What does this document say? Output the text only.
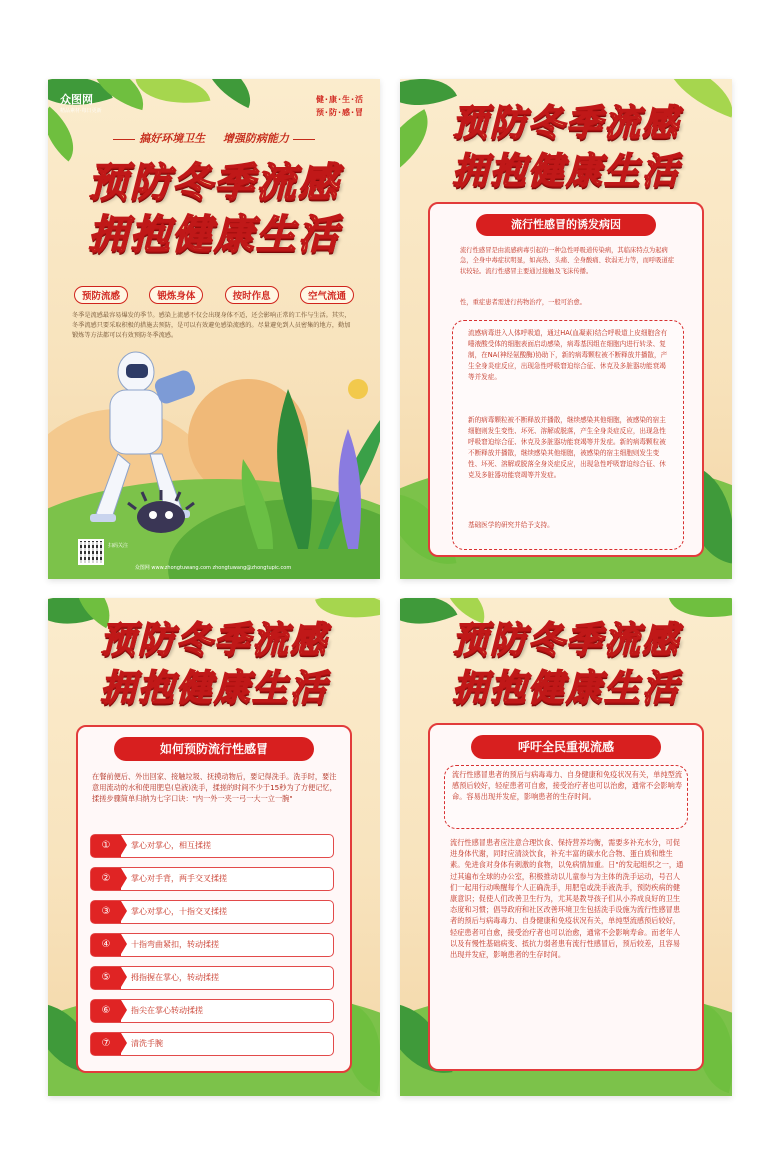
众图网
精品素材·每日更新
健·康·生·活
预·防·感·冒
搞好环境卫生 增强防病能力
预防冬季流感
拥抱健康生活
预防流感	锻炼身体	按时作息	空气流通
冬季是流感最容易爆发的季节。感染上流感不仅会出现身体不适，还会影响正常的工作与生活。其实，冬季流感只要采取积极的措施去预防，是可以有效避免感染流感的。尽量避免到人员密集的地方，勤加锻炼等方法都可以有效预防冬季流感。
扫码关注
众图网 www.zhongtuwang.com zhongtuwang@zhongtupic.com
预防冬季流感
拥抱健康生活
流行性感冒的诱发病因
流行性感冒是由流感病毒引起的一种急性呼吸道传染病，其临床特点为起病急，全身中毒症状明显，如高热、头痛、全身酸痛、软弱无力等，而呼吸道症状较轻。流行性感冒主要通过接触及飞沫传播。
性，重症患者需进行药物治疗，一般可治愈。
流感病毒进入人体呼吸道，通过HA(血凝素)结合呼吸道上皮细胞含有唾液酸受体的细胞表面启动感染，病毒基因组在细胞内进行转录、复制，在NA(神经氨酸酶)协助下，新的病毒颗粒被不断释放并播散，产生全身炎症反应，出现急性呼吸窘迫综合征、休克及多脏器功能衰竭等并发症。
新的病毒颗粒被不断释放并播散，继续感染其他细胞，被感染的宿主细胞则发生变性、坏死、溶解或脱落，产生全身炎症反应，出现急性呼吸窘迫综合征、休克及多脏器功能衰竭等并发症。新的病毒颗粒被不断释放并播散，继续感染其他细胞，被感染的宿主细胞则发生变性、坏死、溶解或脱落全身炎症反应，出现急性呼吸窘迫综合征、休克及多脏器功能衰竭等并发症。
基础医学的研究并给予支持。
预防冬季流感
拥抱健康生活
如何预防流行性感冒
在餐前便后、外出回家、接触垃圾、抚摸动物后，要记得洗手。洗手时，要注意用流动的水和使用肥皂(皂液)洗手，揉搓的时间不少于15秒为了方便记忆，揉搓步骤简单归纳为七字口诀："内一外一夹一弓一大一立一腕"
①	掌心对掌心，相互揉搓
②	掌心对手背，两手交叉揉搓
③	掌心对掌心，十指交叉揉搓
④	十指弯曲紧扣，转动揉搓
⑤	拇指握在掌心，转动揉搓
⑥	指尖在掌心转动揉搓
⑦	清洗手腕
预防冬季流感
拥抱健康生活
呼吁全民重视流感
流行性感冒患者的预后与病毒毒力、自身健康和免疫状况有关，单纯型流感预后较好，轻症患者可自愈，接受治疗者也可以治愈，通常不会影响寿命。容易出现并发症，影响患者的生存时间。
流行性感冒患者应注意合理饮食、保持营养均衡，需要多补充水分，可促进身体代谢，同时应清淡饮食，补充丰富的碳水化合物、蛋白质和维生素。免进食对身体有刺激的食物，以免病情加重。日"的发起组织之一，通过其遍布全球的办公室，积极推动以儿童参与为主体的洗手运动，号召人们一起用行动唤醒每个人正确洗手，用肥皂或洗手液洗手，预防疾病的健康意识；促使人们改善卫生行为，尤其是教导孩子们从小养成良好的卫生态度和习惯；倡导政府和社区改善环境卫生包括洗手设施为流行性感冒患者的预后与病毒毒力、自身健康和免疫状况有关，单纯型流感预后较好，轻症患者可自愈，接受治疗者也可以治愈，通常不会影响寿命。而老年人以及有慢性基础病变、抵抗力弱者患有流行性感冒后，预后较差，且容易出现并发症，影响患者的生存时间。
